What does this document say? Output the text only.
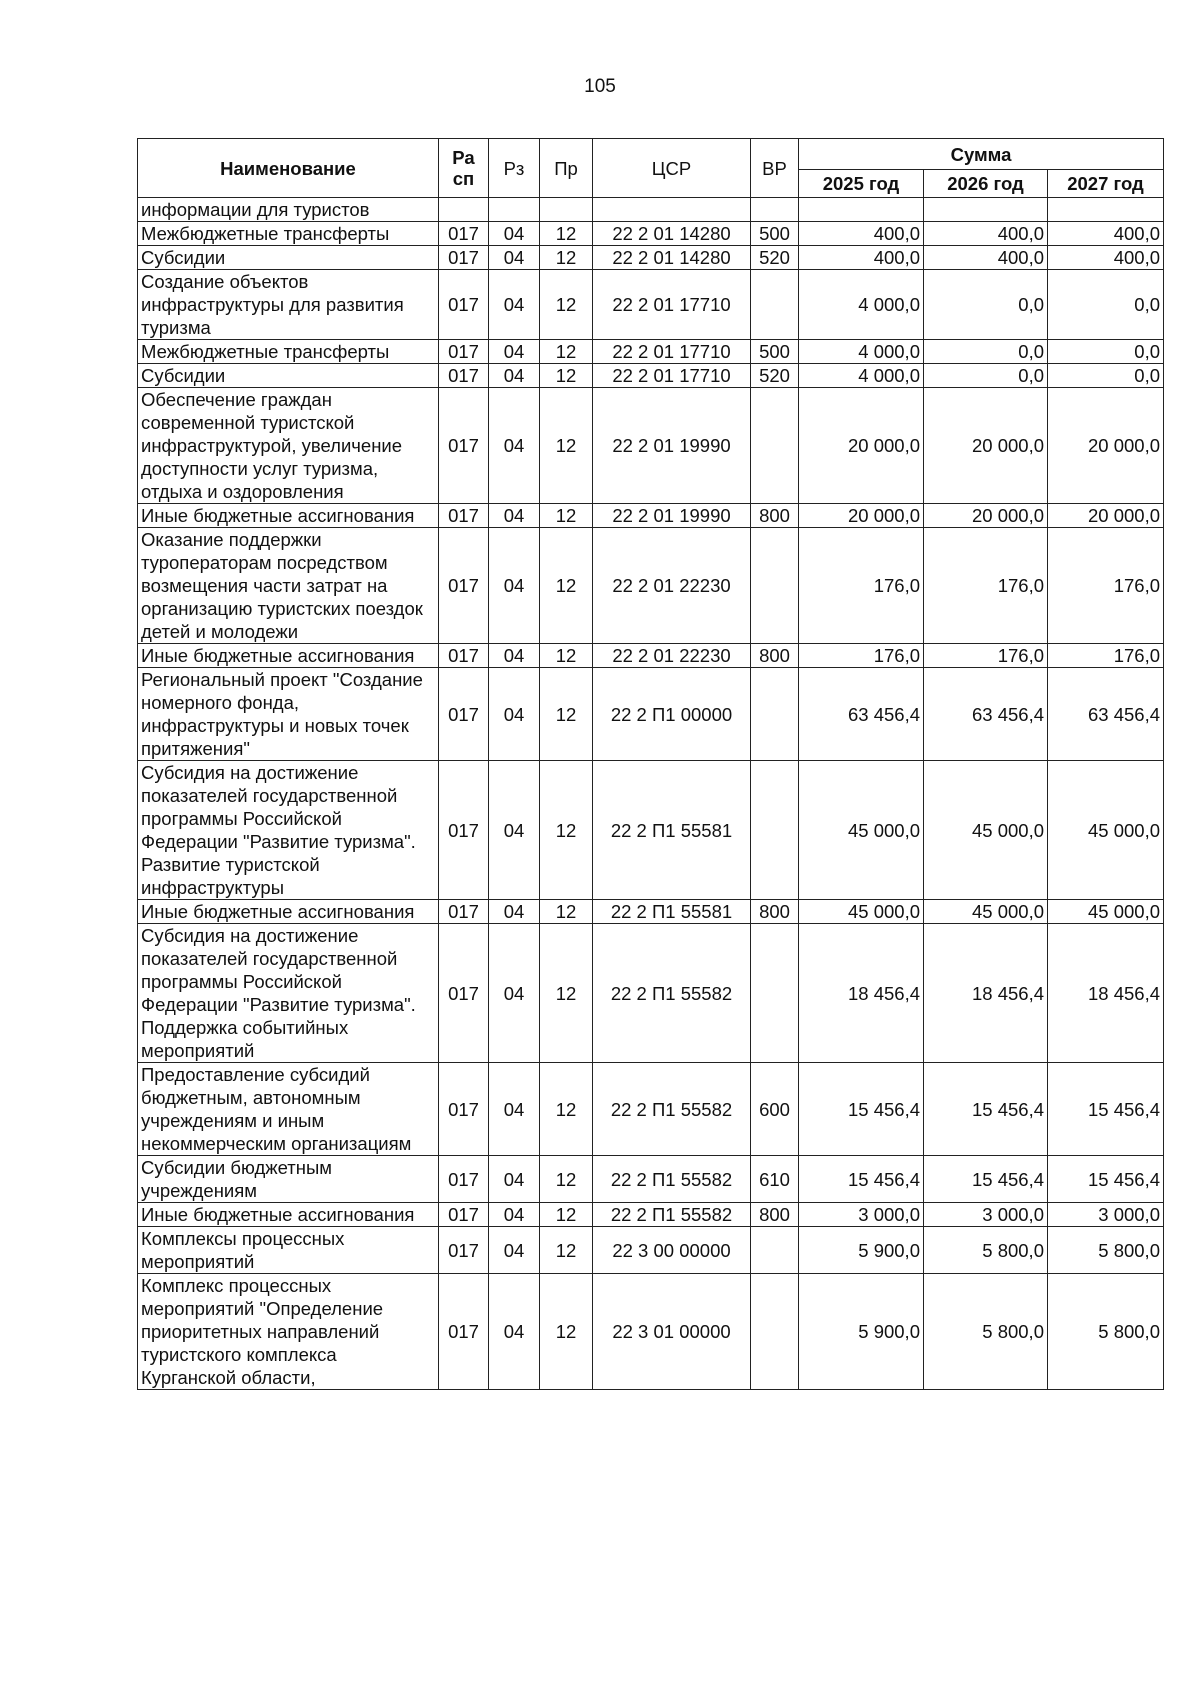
105
Наименование	Ра сп	Рз	Пр	ЦСР	ВР	Сумма		
						2025 год	2026 год	2027 год
информации для туристов								
Межбюджетные трансферты	017	04	12	22 2 01 14280	500	400,0	400,0	400,0
Субсидии	017	04	12	22 2 01 14280	520	400,0	400,0	400,0
Создание объектов инфраструктуры для развития туризма	017	04	12	22 2 01 17710		4 000,0	0,0	0,0
Межбюджетные трансферты	017	04	12	22 2 01 17710	500	4 000,0	0,0	0,0
Субсидии	017	04	12	22 2 01 17710	520	4 000,0	0,0	0,0
Обеспечение граждан современной туристской инфраструктурой, увеличение доступности услуг туризма, отдыха и оздоровления	017	04	12	22 2 01 19990		20 000,0	20 000,0	20 000,0
Иные бюджетные ассигнования	017	04	12	22 2 01 19990	800	20 000,0	20 000,0	20 000,0
Оказание поддержки туроператорам посредством возмещения части затрат на организацию туристских поездок детей и молодежи	017	04	12	22 2 01 22230		176,0	176,0	176,0
Иные бюджетные ассигнования	017	04	12	22 2 01 22230	800	176,0	176,0	176,0
Региональный проект "Создание номерного фонда, инфраструктуры и новых точек притяжения"	017	04	12	22 2 П1 00000		63 456,4	63 456,4	63 456,4
Субсидия на достижение показателей государственной программы Российской Федерации "Развитие туризма". Развитие туристской инфраструктуры	017	04	12	22 2 П1 55581		45 000,0	45 000,0	45 000,0
Иные бюджетные ассигнования	017	04	12	22 2 П1 55581	800	45 000,0	45 000,0	45 000,0
Субсидия на достижение показателей государственной программы Российской Федерации "Развитие туризма". Поддержка событийных мероприятий	017	04	12	22 2 П1 55582		18 456,4	18 456,4	18 456,4
Предоставление субсидий бюджетным, автономным учреждениям и иным некоммерческим организациям	017	04	12	22 2 П1 55582	600	15 456,4	15 456,4	15 456,4
Субсидии бюджетным учреждениям	017	04	12	22 2 П1 55582	610	15 456,4	15 456,4	15 456,4
Иные бюджетные ассигнования	017	04	12	22 2 П1 55582	800	3 000,0	3 000,0	3 000,0
Комплексы процессных мероприятий	017	04	12	22 3 00 00000		5 900,0	5 800,0	5 800,0
Комплекс процессных мероприятий "Определение приоритетных направлений туристского комплекса Курганской области,	017	04	12	22 3 01 00000		5 900,0	5 800,0	5 800,0
